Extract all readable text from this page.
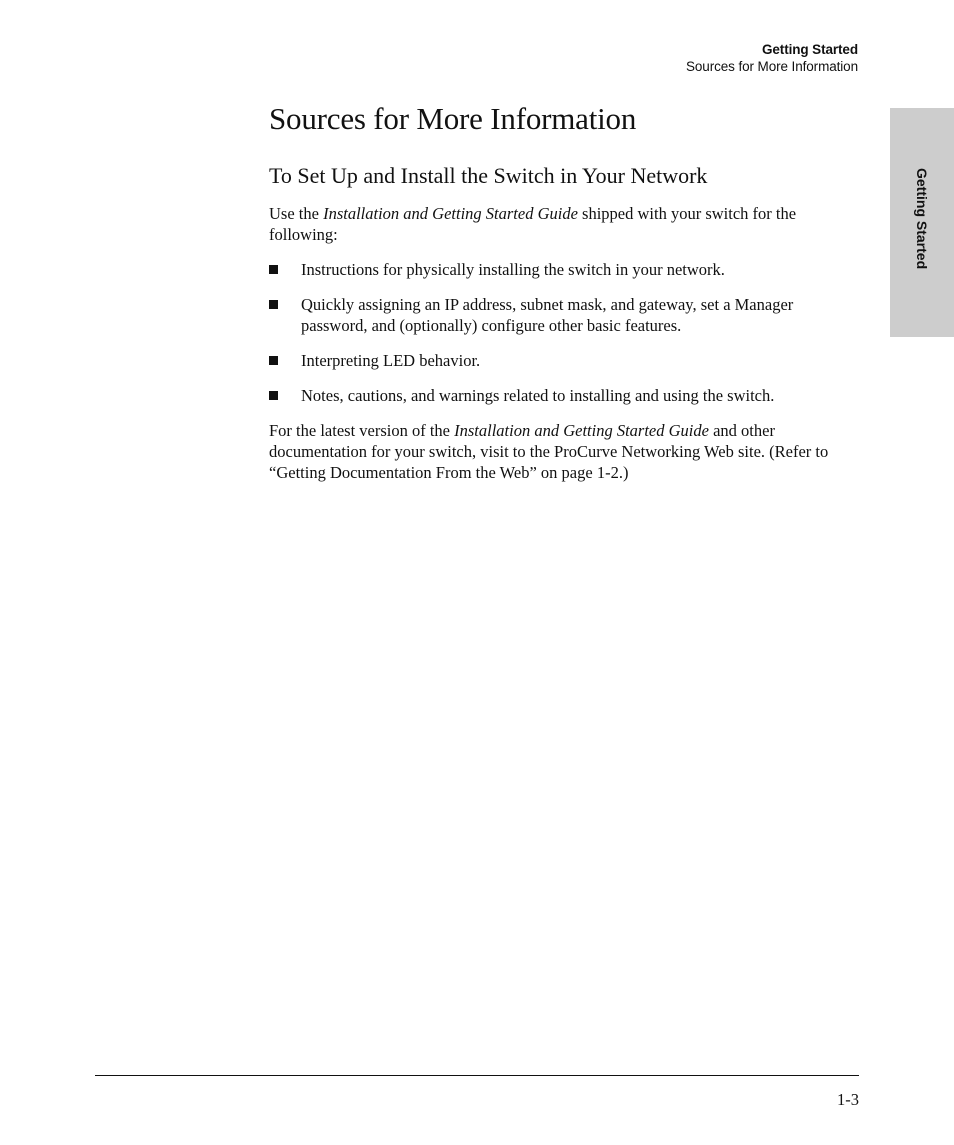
Getting Started
Sources for More Information
Getting Started
Sources for More Information
To Set Up and Install the Switch in Your Network

Use the Installation and Getting Started Guide shipped with your switch for the following:

Instructions for physically installing the switch in your network.
Quickly assigning an IP address, subnet mask, and gateway, set a Manager password, and (optionally) configure other basic features.
Interpreting LED behavior.
Notes, cautions, and warnings related to installing and using the switch.

For the latest version of the Installation and Getting Started Guide and other documentation for your switch, visit to the ProCurve Networking Web site. (Refer to “Getting Documentation From the Web” on page 1-2.)

1-3
